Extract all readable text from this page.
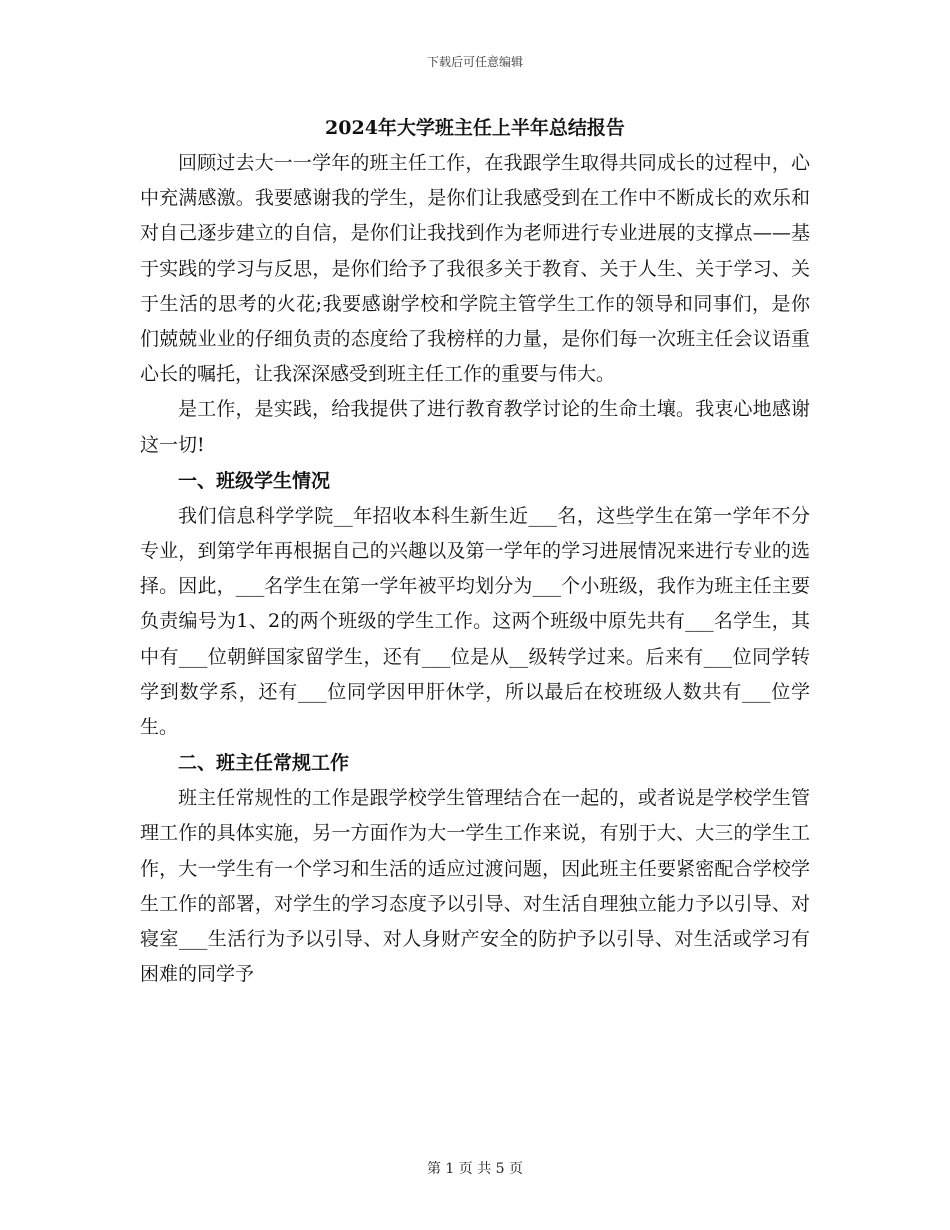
下载后可任意编辑
2024年大学班主任上半年总结报告

回顾过去大一一学年的班主任工作，在我跟学生取得共同成长的过程中，心中充满感激。我要感谢我的学生，是你们让我感受到在工作中不断成长的欢乐和对自己逐步建立的自信，是你们让我找到作为老师进行专业进展的支撑点——基于实践的学习与反思，是你们给予了我很多关于教育、关于人生、关于学习、关于生活的思考的火花;我要感谢学校和学院主管学生工作的领导和同事们，是你们兢兢业业的仔细负责的态度给了我榜样的力量，是你们每一次班主任会议语重心长的嘱托，让我深深感受到班主任工作的重要与伟大。

是工作，是实践，给我提供了进行教育教学讨论的生命土壤。我衷心地感谢这一切!

一、班级学生情况

我们信息科学学院__年招收本科生新生近___名，这些学生在第一学年不分专业，到第学年再根据自己的兴趣以及第一学年的学习进展情况来进行专业的选择。因此，___名学生在第一学年被平均划分为___个小班级，我作为班主任主要负责编号为1、2的两个班级的学生工作。这两个班级中原先共有___名学生，其中有___位朝鲜国家留学生，还有___位是从__级转学过来。后来有___位同学转学到数学系，还有___位同学因甲肝休学，所以最后在校班级人数共有___位学生。

二、班主任常规工作

班主任常规性的工作是跟学校学生管理结合在一起的，或者说是学校学生管理工作的具体实施，另一方面作为大一学生工作来说，有别于大、大三的学生工作，大一学生有一个学习和生活的适应过渡问题，因此班主任要紧密配合学校学生工作的部署，对学生的学习态度予以引导、对生活自理独立能力予以引导、对寝室___生活行为予以引导、对人身财产安全的防护予以引导、对生活或学习有困难的同学予

第 1 页 共 5 页
